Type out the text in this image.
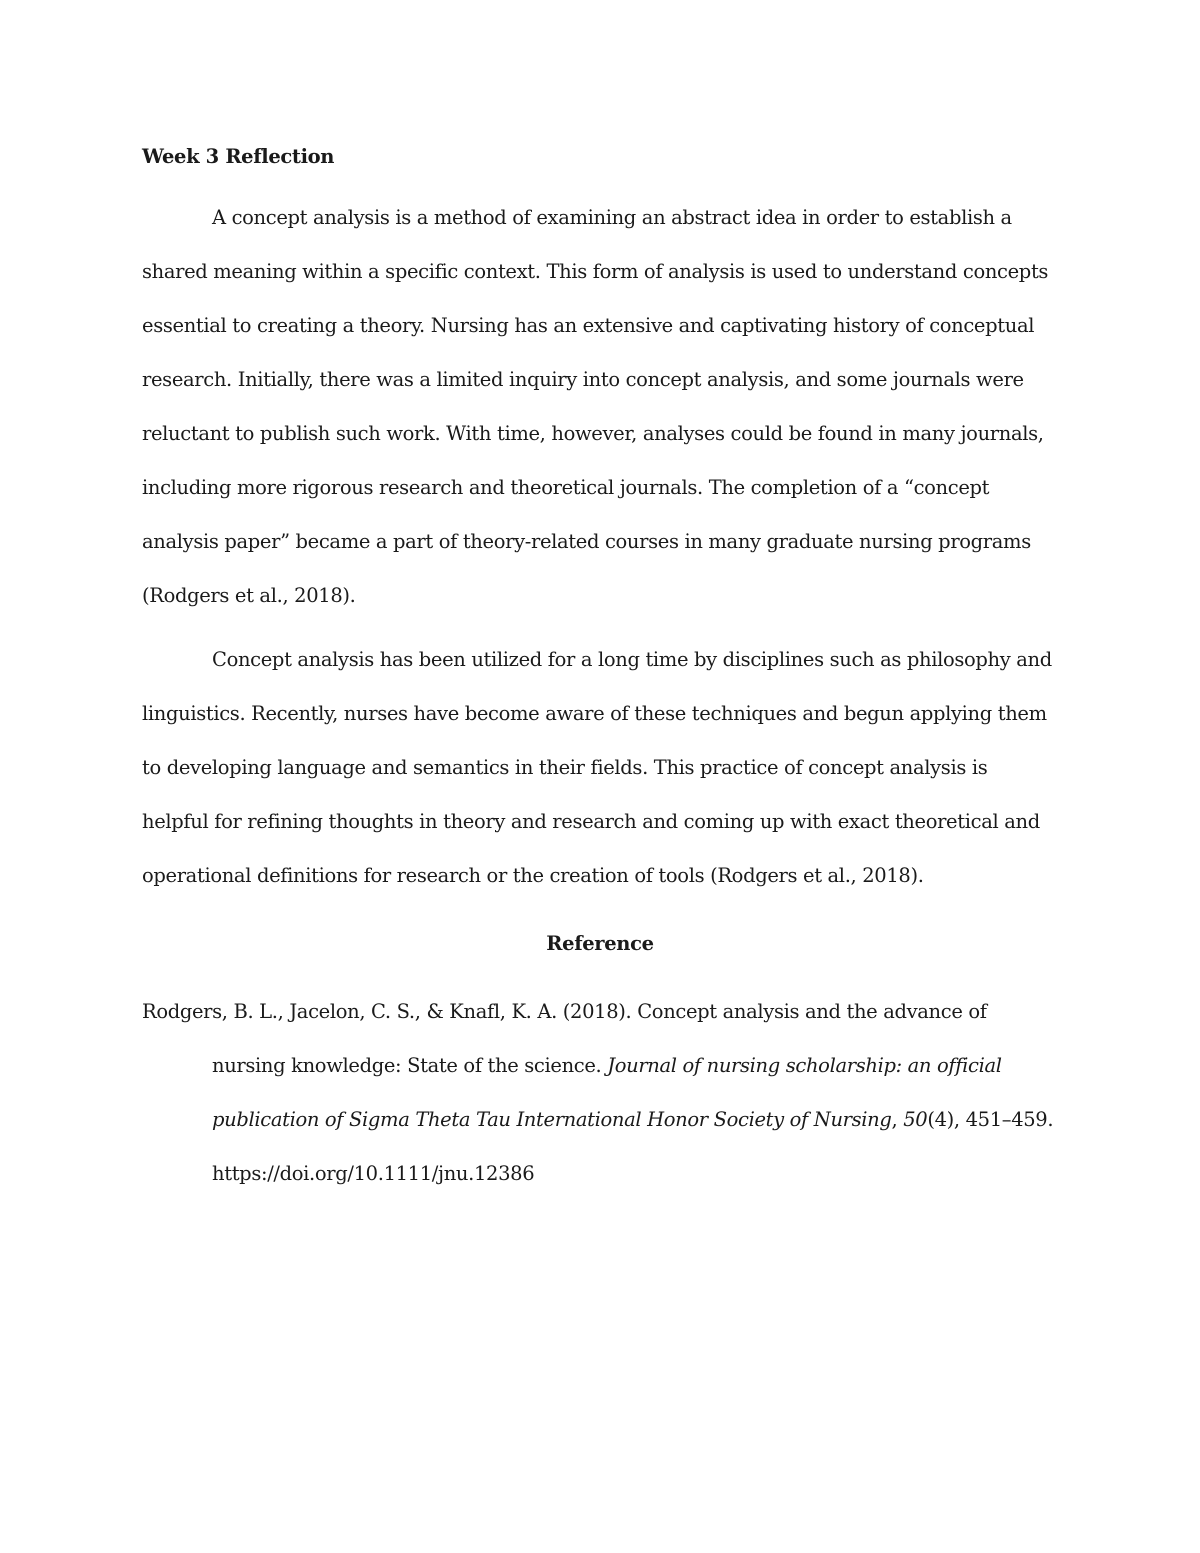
Week 3 Reflection

A concept analysis is a method of examining an abstract idea in order to establish a shared meaning within a specific context. This form of analysis is used to understand concepts essential to creating a theory. Nursing has an extensive and captivating history of conceptual research. Initially, there was a limited inquiry into concept analysis, and some journals were reluctant to publish such work. With time, however, analyses could be found in many journals, including more rigorous research and theoretical journals. The completion of a “concept analysis paper” became a part of theory-related courses in many graduate nursing programs (Rodgers et al., 2018).

Concept analysis has been utilized for a long time by disciplines such as philosophy and linguistics. Recently, nurses have become aware of these techniques and begun applying them to developing language and semantics in their fields. This practice of concept analysis is helpful for refining thoughts in theory and research and coming up with exact theoretical and operational definitions for research or the creation of tools (Rodgers et al., 2018).

Reference

Rodgers, B. L., Jacelon, C. S., & Knafl, K. A. (2018). Concept analysis and the advance of nursing knowledge: State of the science. Journal of nursing scholarship: an official publication of Sigma Theta Tau International Honor Society of Nursing, 50(4), 451–459. https://doi.org/10.1111/jnu.12386
